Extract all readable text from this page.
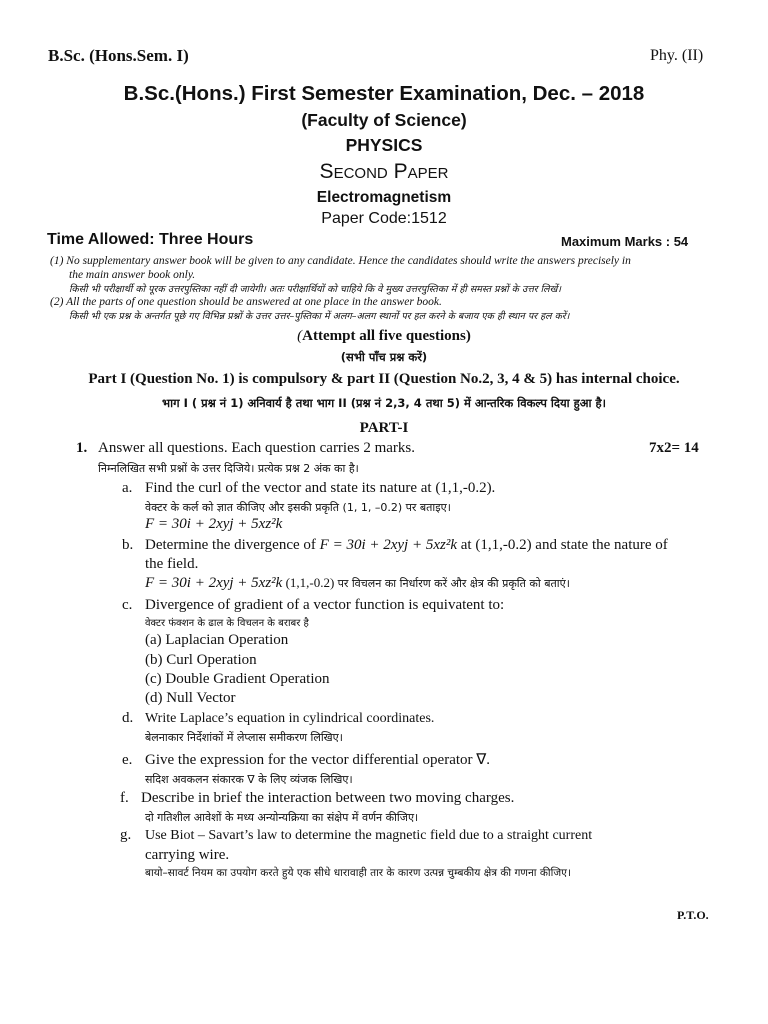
B.Sc. (Hons.Sem. I)	Phy. (II)
B.Sc.(Hons.) First Semester Examination, Dec. – 2018
(Faculty of Science)
PHYSICS
SECOND PAPER
Electromagnetism
Paper Code:1512
Time Allowed: Three Hours	Maximum Marks : 54
(1) No supplementary answer book will be given to any candidate. Hence the candidates should write the answers precisely in
the main answer book only.
किसी भी परीक्षार्थी को पूरक उत्तरपुस्तिका नहीं दी जायेगी। अतः परीक्षार्थियों को चाहिये कि वे मुख्य उत्तरपुस्तिका में ही समस्त प्रश्नों के उत्तर लिखें।
(2) All the parts of one question should be answered at one place in the answer book.
किसी भी एक प्रश्न के अन्तर्गत पूछे गए विभिन्न प्रश्नों के उत्तर उत्तर–पुस्तिका में अलग–अलग स्थानों पर हल करने के बजाय एक ही स्थान पर हल करें।
(Attempt all five questions)
(सभी पाँच प्रश्न करें)
Part I (Question No. 1) is compulsory & part II (Question No.2, 3, 4 & 5) has internal choice.
भाग I ( प्रश्न नं 1) अनिवार्य है तथा भाग II (प्रश्न नं 2,3, 4 तथा 5) में आन्तरिक विकल्प दिया हुआ है।
PART-I
1. Answer all questions. Each question carries 2 marks.	7x2= 14
निम्नलिखित सभी प्रश्नों के उत्तर दिजिये। प्रत्येक प्रश्न 2 अंक का है।
a. Find the curl of the vector and state its nature at (1,1,-0.2).
वेक्टर के कर्ल को ज्ञात कीजिए और इसकी प्रकृति (1, 1, –0.2) पर बताइए।
F = 30i + 2xyj + 5xz²k
b. Determine the divergence of F = 30i + 2xyj + 5xz²k at (1,1,-0.2) and state the nature of
the field.
F = 30i + 2xyj + 5xz²k (1,1,-0.2) पर विचलन का निर्धारण करें और क्षेत्र की प्रकृति को बताएं।
c. Divergence of gradient of a vector function is equivatent to:
वेक्टर फंक्शन के ढाल के विचलन के बराबर है
(a) Laplacian Operation
(b) Curl Operation
(c) Double Gradient Operation
(d) Null Vector
d. Write Laplace’s equation in cylindrical coordinates.
बेलनाकार निर्देशांकों में लेप्लास समीकरण लिखिए।
e. Give the expression for the vector differential operator ∇.
सदिश अवकलन संकारक ∇ के लिए व्यंजक लिखिए।
f. Describe in brief the interaction between two moving charges.
दो गतिशील आवेशों के मध्य अन्योन्यक्रिया का संक्षेप में वर्णन कीजिए।
g. Use Biot – Savart’s law to determine the magnetic field due to a straight current
carrying wire.
बायो–सावर्ट नियम का उपयोग करते हुये एक सीधे धारावाही तार के कारण उत्पन्न चुम्बकीय क्षेत्र की गणना कीजिए।
P.T.O.
